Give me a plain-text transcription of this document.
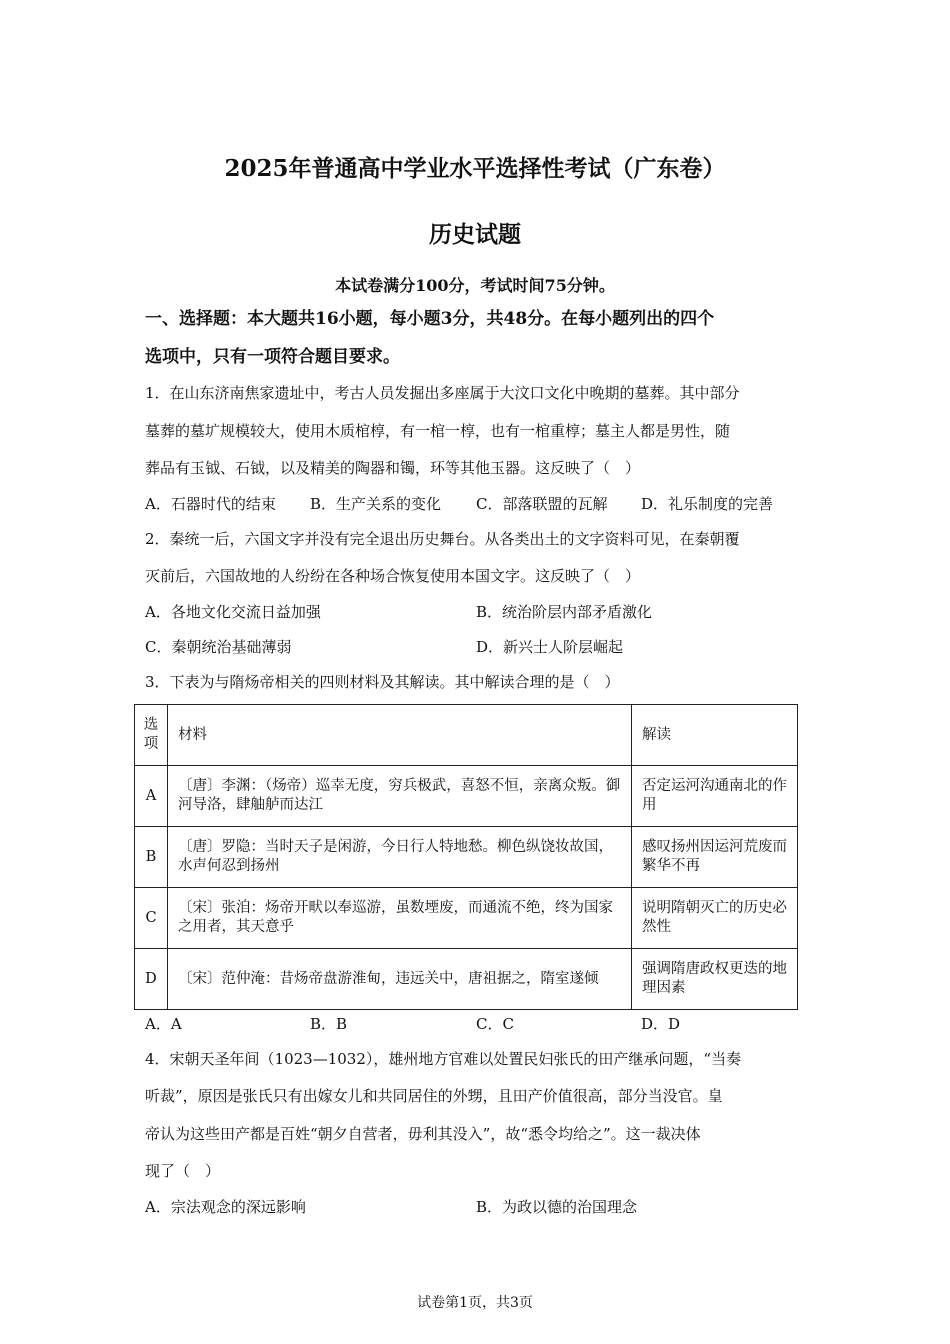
2025年普通高中学业水平选择性考试（广东卷）
历史试题
本试卷满分100分，考试时间75分钟。
一、选择题：本大题共16小题，每小题3分，共48分。在每小题列出的四个
选项中，只有一项符合题目要求。
1．在山东济南焦家遗址中，考古人员发掘出多座属于大汶口文化中晚期的墓葬。其中部分
墓葬的墓圹规模较大，使用木质棺椁，有一棺一椁，也有一棺重椁；墓主人都是男性，随
葬品有玉钺、石钺，以及精美的陶器和镯，环等其他玉器。这反映了（　）
A．石器时代的结束 B．生产关系的变化 C．部落联盟的瓦解 D．礼乐制度的完善
2．秦统一后，六国文字并没有完全退出历史舞台。从各类出土的文字资料可见，在秦朝覆
灭前后，六国故地的人纷纷在各种场合恢复使用本国文字。这反映了（　）
A．各地文化交流日益加强	B．统治阶层内部矛盾激化
C．秦朝统治基础薄弱	D．新兴士人阶层崛起
3．下表为与隋炀帝相关的四则材料及其解读。其中解读合理的是（　）
选项	材料	解读
A	〔唐〕李渊：（炀帝）巡幸无度，穷兵极武，喜怒不恒，亲离众叛。御河导洛，肆舳舻而达江	否定运河沟通南北的作用
B	〔唐〕罗隐：当时天子是闲游，今日行人特地愁。柳色纵饶妆故国，水声何忍到扬州	感叹扬州因运河荒废而繁华不再
C	〔宋〕张洎：炀帝开畎以奉巡游，虽数堙废，而通流不绝，终为国家之用者，其天意乎	说明隋朝灭亡的历史必然性
D	〔宋〕范仲淹：昔炀帝盘游淮甸，违远关中，唐祖据之，隋室遂倾	强调隋唐政权更迭的地理因素
A．A	B．B	C．C	D．D
4．宋朝天圣年间（1023—1032），雄州地方官难以处置民妇张氏的田产继承问题，“当奏
听裁”，原因是张氏只有出嫁女儿和共同居住的外甥，且田产价值很高，部分当没官。皇
帝认为这些田产都是百姓“朝夕自营者，毋利其没入”，故“悉令均给之”。这一裁决体
现了（　）
A．宗法观念的深远影响	B．为政以德的治国理念
试卷第1页，共3页
